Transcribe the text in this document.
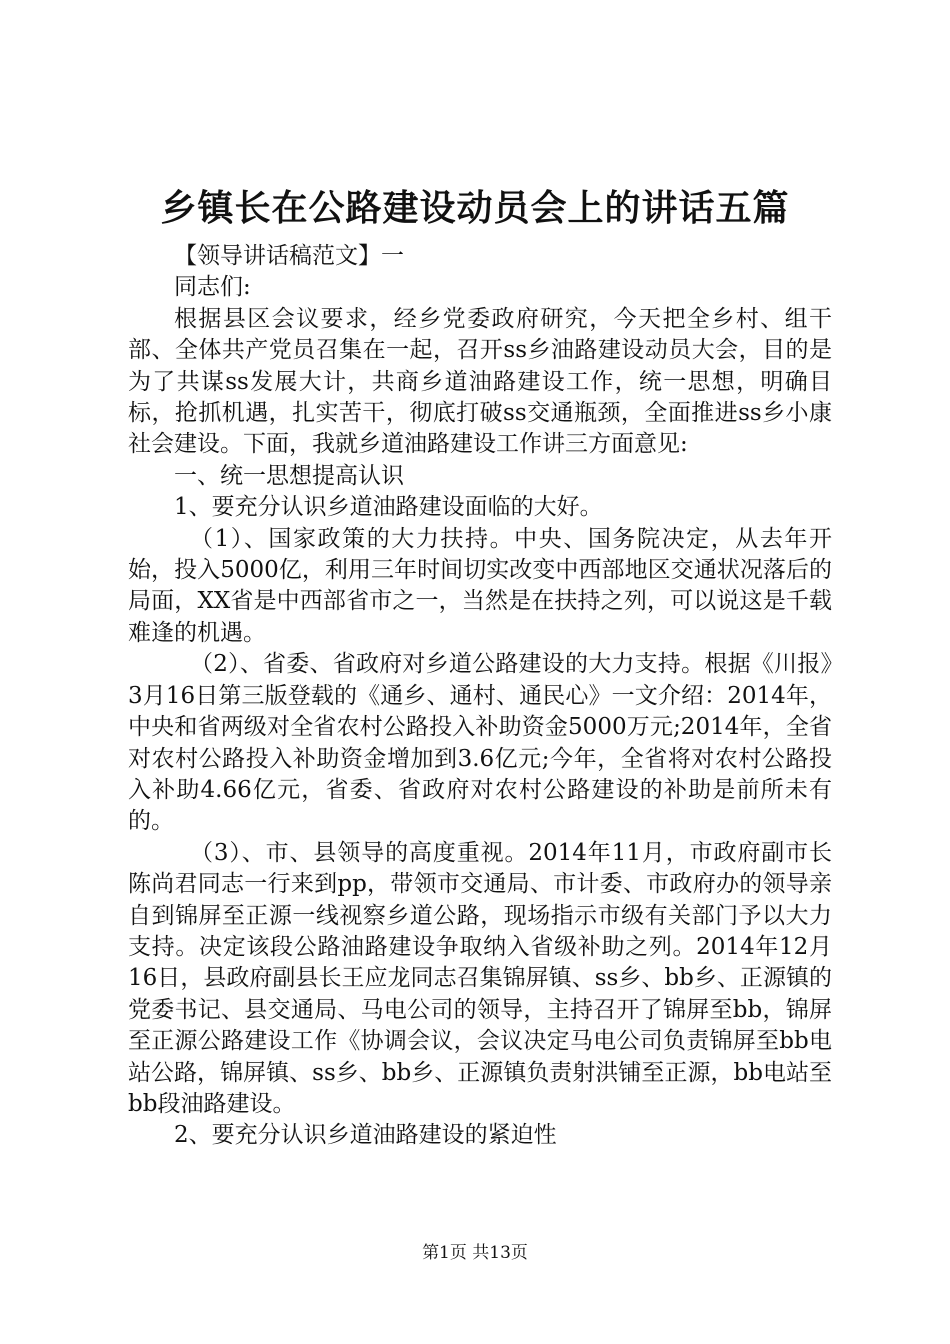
乡镇长在公路建设动员会上的讲话五篇

【领导讲话稿范文】一

同志们:

根据县区会议要求，经乡党委政府研究，今天把全乡村、组干部、全体共产党员召集在一起，召开ss乡油路建设动员大会，目的是为了共谋ss发展大计，共商乡道油路建设工作，统一思想，明确目标，抢抓机遇，扎实苦干，彻底打破ss交通瓶颈，全面推进ss乡小康社会建设。下面，我就乡道油路建设工作讲三方面意见:

一、统一思想提高认识

1、要充分认识乡道油路建设面临的大好。

（1）、国家政策的大力扶持。中央、国务院决定，从去年开始，投入5000亿，利用三年时间切实改变中西部地区交通状况落后的局面，XX省是中西部省市之一，当然是在扶持之列，可以说这是千载难逢的机遇。

（2）、省委、省政府对乡道公路建设的大力支持。根据《川报》3月16日第三版登载的《通乡、通村、通民心》一文介绍：2014年，中央和省两级对全省农村公路投入补助资金5000万元;2014年，全省对农村公路投入补助资金增加到3.6亿元;今年，全省将对农村公路投入补助4.66亿元，省委、省政府对农村公路建设的补助是前所未有的。

（3）、市、县领导的高度重视。2014年11月，市政府副市长陈尚君同志一行来到pp，带领市交通局、市计委、市政府办的领导亲自到锦屏至正源一线视察乡道公路，现场指示市级有关部门予以大力支持。决定该段公路油路建设争取纳入省级补助之列。2014年12月16日，县政府副县长王应龙同志召集锦屏镇、ss乡、bb乡、正源镇的党委书记、县交通局、马电公司的领导，主持召开了锦屏至bb，锦屏至正源公路建设工作《协调会议，会议决定马电公司负责锦屏至bb电站公路，锦屏镇、ss乡、bb乡、正源镇负责射洪铺至正源，bb电站至bb段油路建设。

2、要充分认识乡道油路建设的紧迫性

第1页 共13页
